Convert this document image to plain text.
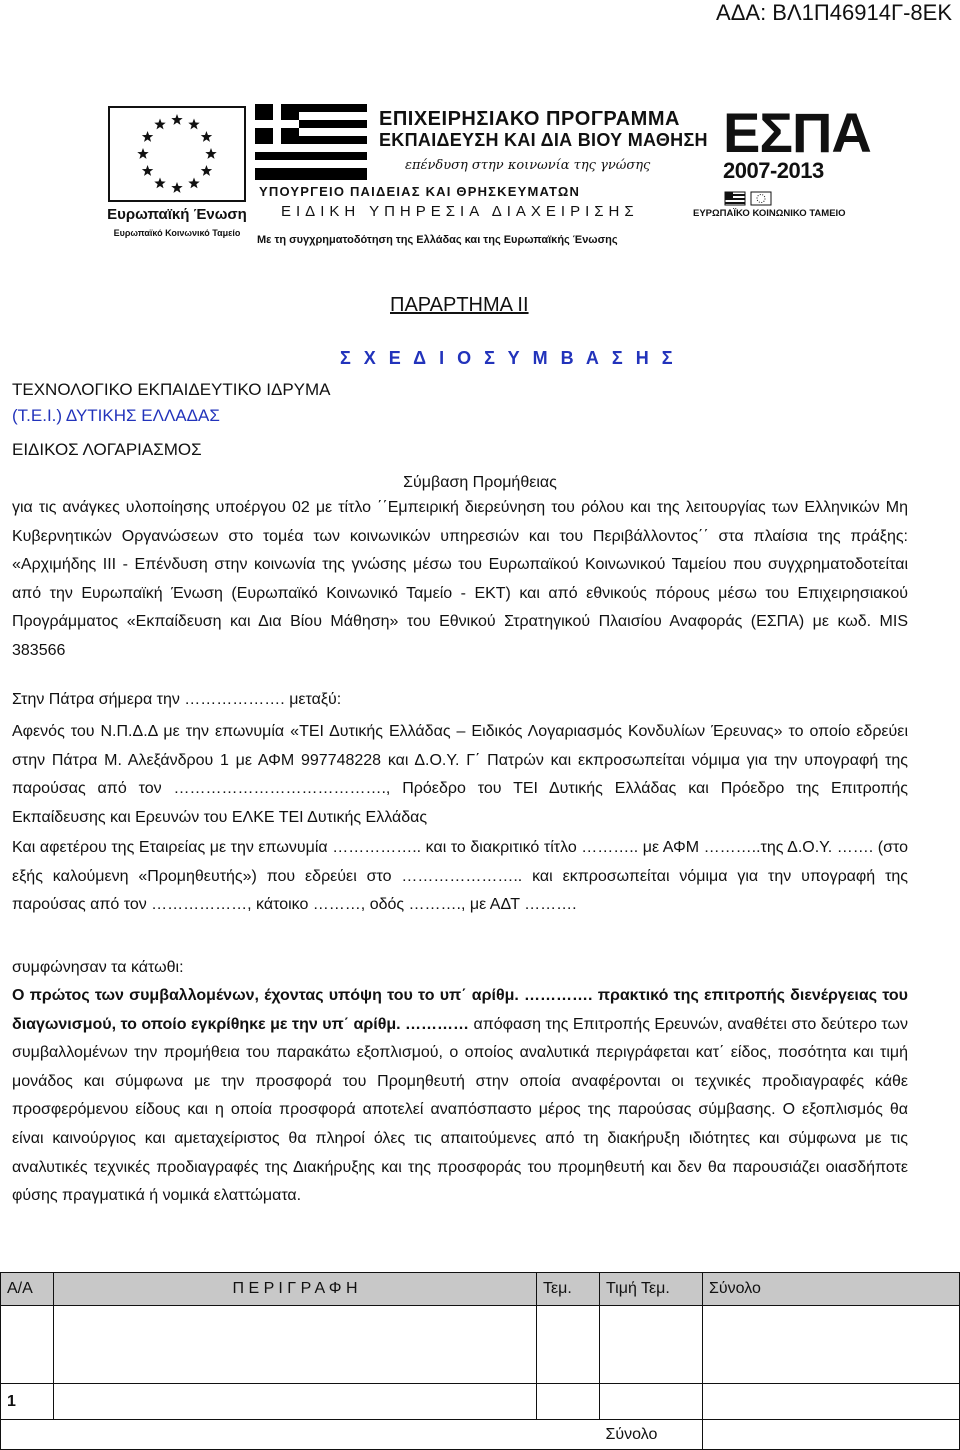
ΑΔΑ: ΒΛ1Π46914Γ-8ΕΚ
Ευρωπαϊκή Ένωση
Ευρωπαϊκό Κοινωνικό Ταμείο
ΕΠΙΧΕΙΡΗΣΙΑΚΟ ΠΡΟΓΡΑΜΜΑ
ΕΚΠΑΙΔΕΥΣΗ ΚΑΙ ΔΙΑ ΒΙΟΥ ΜΑΘΗΣΗ
επένδυση στην κοινωνία της γνώσης
ΥΠΟΥΡΓΕΙΟ ΠΑΙΔΕΙΑΣ ΚΑΙ ΘΡΗΣΚΕΥΜΑΤΩΝ
ΕΙΔΙΚΗ ΥΠΗΡΕΣΙΑ ΔΙΑΧΕΙΡΙΣΗΣ
Με τη συγχρηματοδότηση της Ελλάδας και της Ευρωπαϊκής Ένωσης
ΕΣΠΑ
2007-2013
ΕΥΡΩΠΑΪΚΟ ΚΟΙΝΩΝΙΚΟ ΤΑΜΕΙΟ
ΠΑΡΑΡΤΗΜΑ ΙΙ
Σ Χ Ε Δ Ι Ο Σ Υ Μ Β Α Σ Η Σ
ΤΕΧΝΟΛΟΓΙΚΟ ΕΚΠΑΙΔΕΥΤΙΚΟ ΙΔΡΥΜΑ
(Τ.Ε.Ι.) ΔΥΤΙΚΗΣ ΕΛΛΑΔΑΣ
ΕΙΔΙΚΟΣ ΛΟΓΑΡΙΑΣΜΟΣ
Σύμβαση Προμήθειας
για τις ανάγκες υλοποίησης υποέργου 02 με τίτλο ΄΄Εμπειρική διερεύνηση του ρόλου και της λειτουργίας των Ελληνικών Μη Κυβερνητικών Οργανώσεων στο τομέα των κοινωνικών υπηρεσιών και του Περιβάλλοντος΄΄ στα πλαίσια της πράξης: «Αρχιμήδης ΙΙΙ - Επένδυση στην κοινωνία της γνώσης μέσω του Ευρωπαϊκού Κοινωνικού Ταμείου που συγχρηματοδοτείται από την Ευρωπαϊκή Ένωση (Ευρωπαϊκό Κοινωνικό Ταμείο - ΕΚΤ) και από εθνικούς πόρους μέσω του Επιχειρησιακού Προγράμματος «Εκπαίδευση και Δια Βίου Μάθηση» του Εθνικού Στρατηγικού Πλαισίου Αναφοράς (ΕΣΠΑ) με κωδ. MIS 383566
Στην Πάτρα σήμερα την ………………. μεταξύ:
Αφενός του Ν.Π.Δ.Δ με την επωνυμία «ΤΕΙ Δυτικής Ελλάδας – Ειδικός Λογαριασμός Κονδυλίων Έρευνας» το οποίο εδρεύει στην Πάτρα Μ. Αλεξάνδρου 1 με ΑΦΜ 997748228 και Δ.Ο.Υ. Γ΄ Πατρών και εκπροσωπείται νόμιμα για την υπογραφή της παρούσας από τον …………………………………., Πρόεδρο του ΤΕΙ Δυτικής Ελλάδας και Πρόεδρο της Επιτροπής Εκπαίδευσης και Ερευνών του ΕΛΚΕ ΤΕΙ Δυτικής Ελλάδας
Και αφετέρου της Εταιρείας με την επωνυμία …………….. και το διακριτικό τίτλο ……….. με ΑΦΜ ………..της Δ.Ο.Υ. ……. (στο εξής καλούμενη «Προμηθευτής») που εδρεύει στο ………………….. και εκπροσωπείται νόμιμα για την υπογραφή της παρούσας από τον ………………, κάτοικο ………, οδός ………., με ΑΔΤ ……….
συμφώνησαν τα κάτωθι:
Ο πρώτος των συμβαλλομένων, έχοντας υπόψη του το υπ΄ αρίθμ. …………. πρακτικό της επιτροπής διενέργειας του διαγωνισμού, το οποίο εγκρίθηκε με την υπ΄ αρίθμ. ………… απόφαση της Επιτροπής Ερευνών, αναθέτει στο δεύτερο των συμβαλλομένων την προμήθεια του παρακάτω εξοπλισμού, ο οποίος αναλυτικά περιγράφεται κατ΄ είδος, ποσότητα και τιμή μονάδος και σύμφωνα με την προσφορά του Προμηθευτή στην οποία αναφέρονται οι τεχνικές προδιαγραφές κάθε προσφερόμενου είδους και η οποία προσφορά αποτελεί αναπόσπαστο μέρος της παρούσας σύμβασης. Ο εξοπλισμός θα είναι καινούργιος και αμεταχείριστος θα πληροί όλες τις απαιτούμενες από τη διακήρυξη ιδιότητες και σύμφωνα με τις αναλυτικές τεχνικές προδιαγραφές της Διακήρυξης και της προσφοράς του προμηθευτή και δεν θα παρουσιάζει οιασδήποτε φύσης πραγματικά ή νομικά ελαττώματα.
Α/Α	Π Ε Ρ Ι Γ Ρ Α Φ Η	Τεμ.	Τιμή Τεμ.	Σύνολο

1				
			Σύνολο	
